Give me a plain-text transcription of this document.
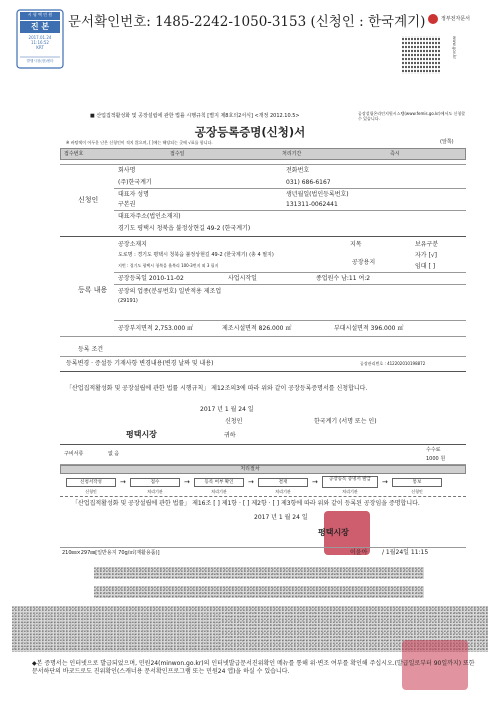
문서확인번호: 1485-2242-1050-3153 (신청인 : 한국계기)
시 평 택 민 원
진 본
2017.01.24
11:16:52
KRT
발행시청(장)센터
정부전자문서
www.gov.kr
■ 산업집적활성화 및 공장설립에 관한 법률 시행규칙 [별지 제8호의2서식] <개정 2012.10.5>	공장설립온라인지원시스템(www.femis.go.kr)에서도 신청할 수 있습니다.
공장등록증명(신청)서
※ 바탕색이 어두운 난은 신청인이 적지 않으며, [ ]에는 해당되는 곳에 √표를 합니다.	(앞쪽)
접수번호	접수일	처리기간	즉시
신청인
회사명
(주)한국계기
전화번호
031) 686-6167
대표자 성명
구본권
생년월일(법인등록번호)
131311-0062441
대표자주소(법인소재지)
경기도 평택시 청북읍 불정상현길 49-2 (한국계기)
등록 내용
공장소재지
도로명 : 경기도 평택시 청북읍 불정상현길 49-2 (한국계기) (총 4 필지)
지번 : 경기도 평택시 청북읍 율북리 100-3번지 외 3 필지
지목
공장용지
보유구분
자가 [√]
임대 [ ]
공장등록일 2010-11-02	사업시작일	종업원수 남:11 여:2
공장의 업종(분류번호) 일반적용 제조업
(29191)
공장부지면적 2,753.000 ㎡	제조시설면적 826.000 ㎡	부대시설면적 396.000 ㎡
등록 조건
등록변경 · 증설등 기재사항 변경내용(변경 날짜 및 내용)	공장관리번호 : 412202010198872
「산업집적활성화 및 공장설립에 관한 법률 시행규칙」 제12조의3에 따라 위와 같이 공장등록증명서를 신청합니다.
2017 년 1 월 24 일
신청인	한국계기 (서명 또는 인)
평택시장	귀하
구비서류	없 음
수수료
1000 원
처리절차
신청서작성	→	접수	→	등록 여부 확인	→	결재	→	공장등록 증명서 발급	→	통보
신청인	처리기관	처리기관	처리기관	처리기관	신청인
「산업집적활성화 및 공장설립에 관한 법률」 제16조 [ ] 제1항 · [ ] 제2항 · [ ] 제3항에 따라 위와 같이 등록된 공장임을 증명합니다.
2017 년 1 월 24 일
평택시장
210㎜×297㎜[일반용지 70g/㎡(재활용품)]	이윤아 / 1월24일 11:15
◆본 증명서는 인터넷으로 발급되었으며, 민원24(minwon.go.kr)의 인터넷발급문서진위확인 메뉴를 통해 위·변조 여부를 확인해 주십시오.(발급일로부터 90일까지) 또한 문서하단의 바코드로도 진위확인(스캐너용 문서확인프로그램 또는 민원24 앱)을 하실 수 있습니다.
